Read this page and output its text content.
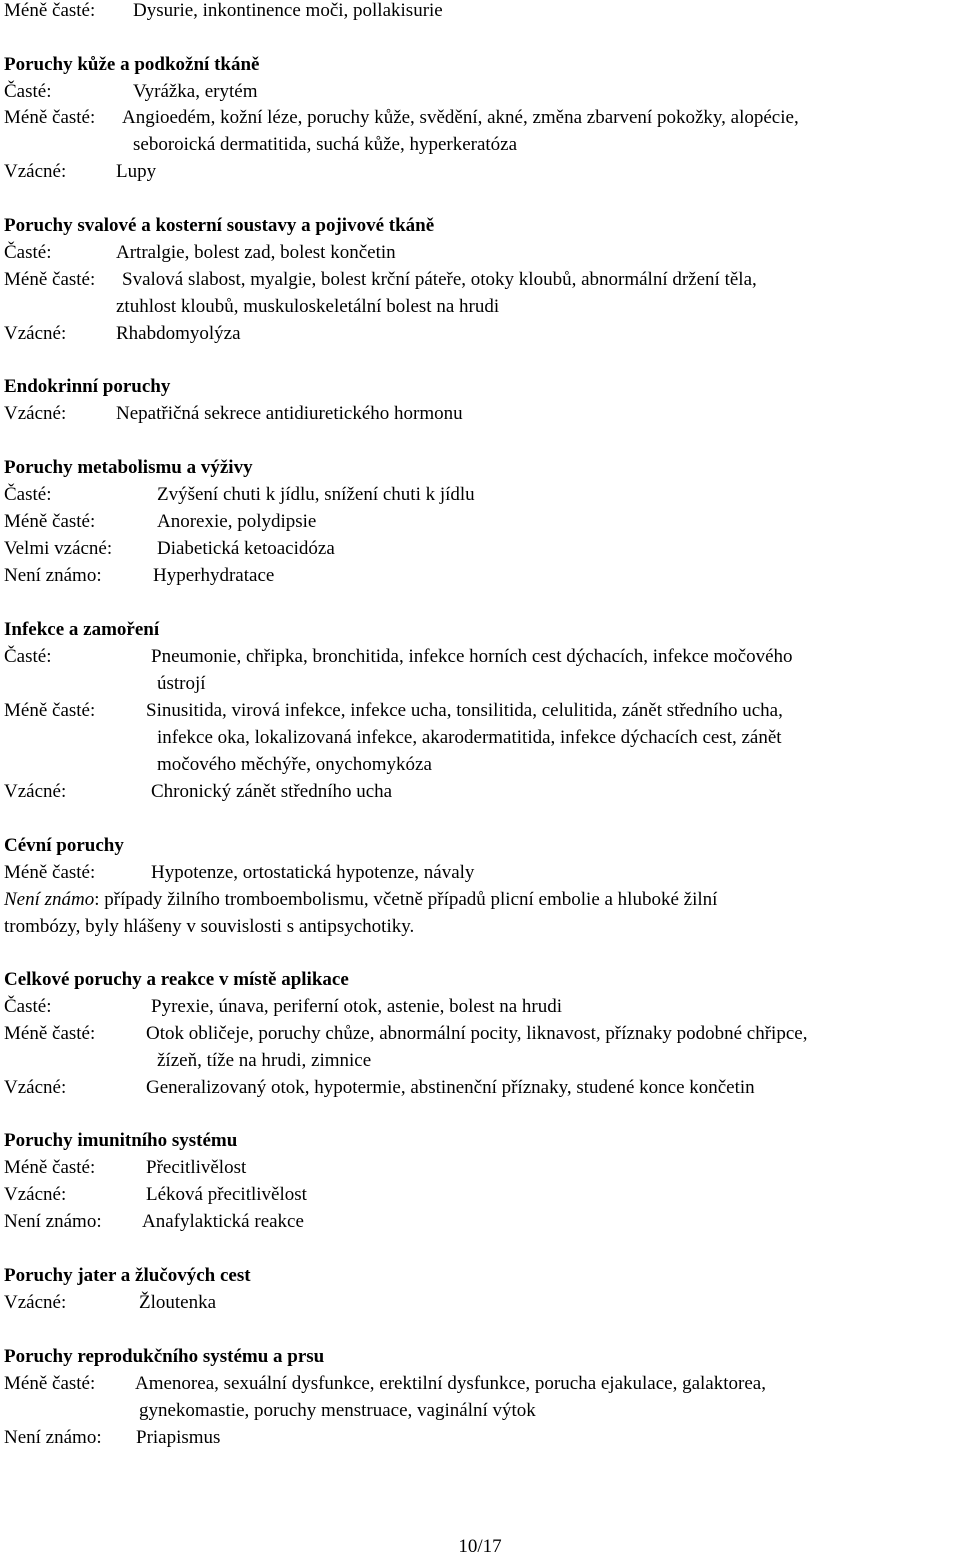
Méně časté: Dysurie, inkontinence moči, pollakisurie
Poruchy kůže a podkožní tkáně
Časté:	Vyrážka, erytém
Méně časté: Angioedém, kožní léze, poruchy kůže, svědění, akné, změna zbarvení pokožky, alopécie,
seboroická dermatitida, suchá kůže, hyperkeratóza
Vzácné:	Lupy
Poruchy svalové a kosterní soustavy a pojivové tkáně
Časté:	Artralgie, bolest zad, bolest končetin
Méně časté: Svalová slabost, myalgie, bolest krční páteře, otoky kloubů, abnormální držení těla,
ztuhlost kloubů, muskuloskeletální bolest na hrudi
Vzácné:	Rhabdomyolýza
Endokrinní poruchy
Vzácné:	Nepatřičná sekrece antidiuretického hormonu
Poruchy metabolismu a výživy
Časté:	Zvýšení chuti k jídlu, snížení chuti k jídlu
Méně časté:	Anorexie, polydipsie
Velmi vzácné: Diabetická ketoacidóza
Není známo:	Hyperhydratace
Infekce a zamoření
Časté:	Pneumonie, chřipka, bronchitida, infekce horních cest dýchacích, infekce močového
ústrojí
Méně časté:	Sinusitida, virová infekce, infekce ucha, tonsilitida, celulitida, zánět středního ucha,
infekce oka, lokalizovaná infekce, akarodermatitida, infekce dýchacích cest, zánět
močového měchýře, onychomykóza
Vzácné:	Chronický zánět středního ucha
Cévní poruchy
Méně časté:	Hypotenze, ortostatická hypotenze, návaly
Není známo: případy žilního tromboembolismu, včetně případů plicní embolie a hluboké žilní
trombózy, byly hlášeny v souvislosti s antipsychotiky.
Celkové poruchy a reakce v místě aplikace
Časté:	Pyrexie, únava, periferní otok, astenie, bolest na hrudi
Méně časté:	Otok obličeje, poruchy chůze, abnormální pocity, liknavost, příznaky podobné chřipce,
žízeň, tíže na hrudi, zimnice
Vzácné:	Generalizovaný otok, hypotermie, abstinenční příznaky, studené konce končetin
Poruchy imunitního systému
Méně časté:	Přecitlivělost
Vzácné:	Léková přecitlivělost
Není známo: Anafylaktická reakce
Poruchy jater a žlučových cest
Vzácné:	Žloutenka
Poruchy reprodukčního systému a prsu
Méně časté: Amenorea, sexuální dysfunkce, erektilní dysfunkce, porucha ejakulace, galaktorea,
gynekomastie, poruchy menstruace, vaginální výtok
Není známo: Priapismus
10/17
